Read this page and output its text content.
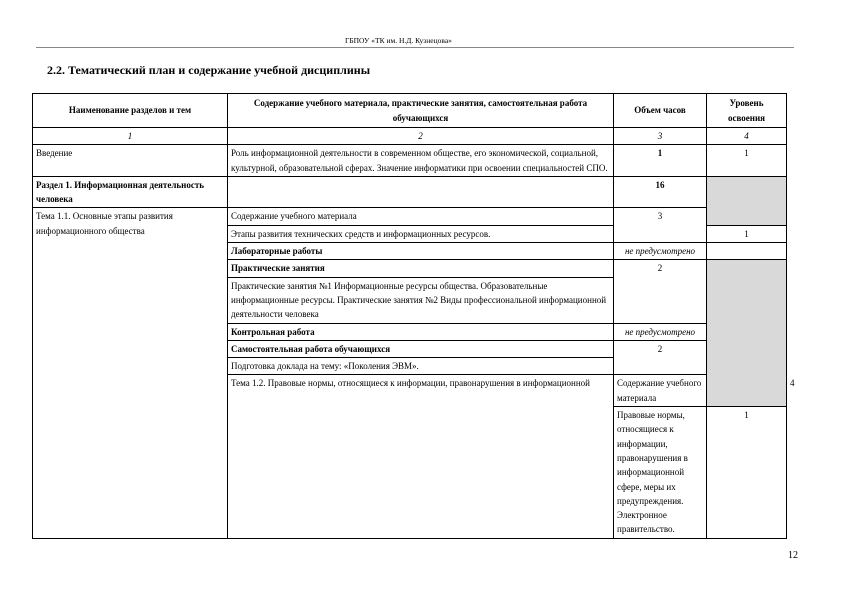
ГБПОУ «ТК им. Н.Д. Кузнецова»
2.2. Тематический план и содержание учебной дисциплины
Наименование разделов и тем	Содержание учебного материала, практические занятия, самостоятельная работа обучающихся	Объем часов	Уровень освоения	
1	2	3	4	
Введение	Роль информационной деятельности в современном обществе, его экономической, социальной, культурной, образовательной сферах. Значение информатики при освоении специальностей СПО.	1	1	
Раздел 1. Информационная деятельность человека		16		
Тема 1.1. Основные этапы развития информационного общества	Содержание учебного материала	3		
	Этапы развития технических средств и информационных ресурсов.		1	
	Лабораторные работы	не предусмотрено		
	Практические занятия	2		
	Практические занятия №1 Информационные ресурсы общества. Образовательные информационные ресурсы. Практические занятия №2 Виды профессиональной информационной деятельности человека			
	Контрольная работа	не предусмотрено		
	Самостоятельная работа обучающихся	2		
	Подготовка доклада на тему: «Поколения ЭВМ».			
	Тема 1.2. Правовые нормы, относящиеся к информации, правонарушения в информационной	Содержание учебного материала		4	
		Правовые нормы, относящиеся к информации, правонарушения в информационной сфере, меры их предупреждения. Электронное правительство.	1	
12
